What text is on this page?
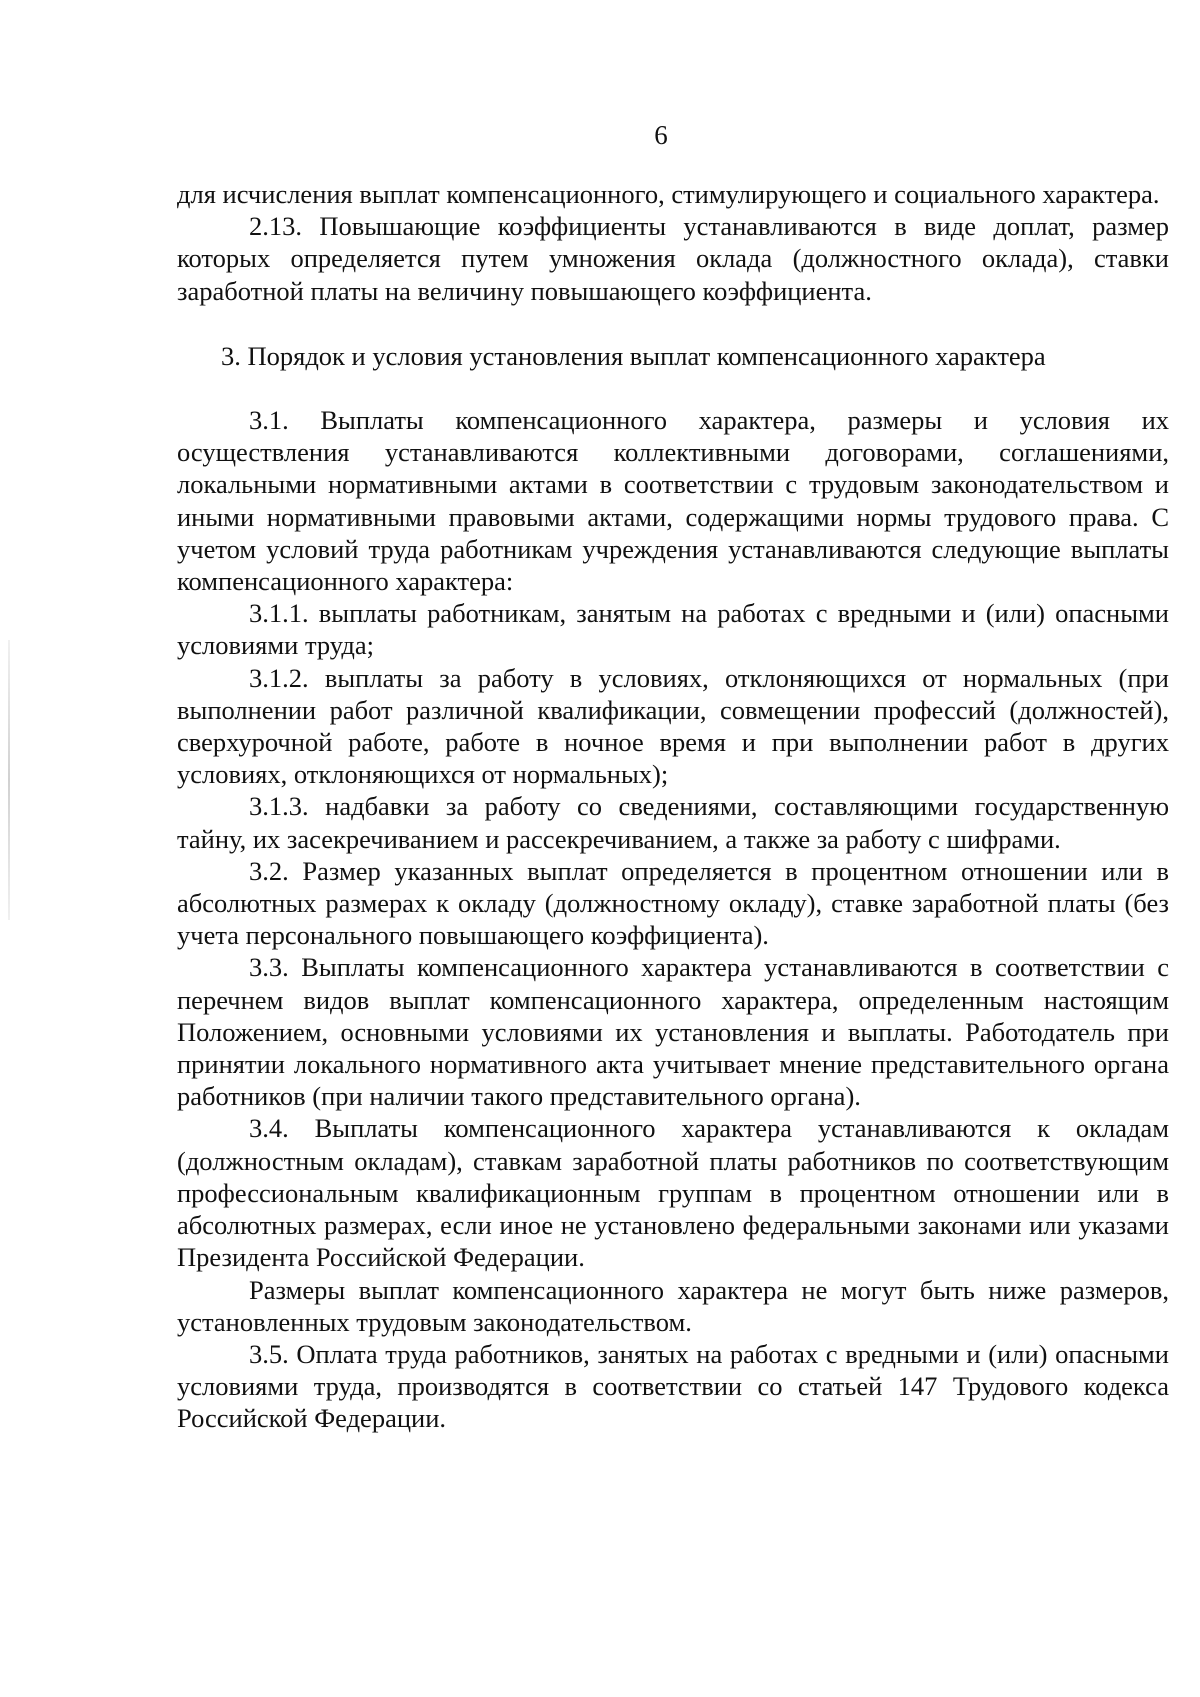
6

для исчисления выплат компенсационного, стимулирующего и социального характера.

2.13. Повышающие коэффициенты устанавливаются в виде доплат, размер которых определяется путем умножения оклада (должностного оклада), ставки заработной платы на величину повышающего коэффициента.

3. Порядок и условия установления выплат компенсационного характера

3.1. Выплаты компенсационного характера, размеры и условия их осуществления устанавливаются коллективными договорами, соглашениями, локальными нормативными актами в соответствии с трудовым законодательством и иными нормативными правовыми актами, содержащими нормы трудового права. С учетом условий труда работникам учреждения устанавливаются следующие выплаты компенсационного характера:

3.1.1. выплаты работникам, занятым на работах с вредными и (или) опасными условиями труда;

3.1.2. выплаты за работу в условиях, отклоняющихся от нормальных (при выполнении работ различной квалификации, совмещении профессий (должностей), сверхурочной работе, работе в ночное время и при выполнении работ в других условиях, отклоняющихся от нормальных);

3.1.3. надбавки за работу со сведениями, составляющими государственную тайну, их засекречиванием и рассекречиванием, а также за работу с шифрами.

3.2. Размер указанных выплат определяется в процентном отношении или в абсолютных размерах к окладу (должностному окладу), ставке заработной платы (без учета персонального повышающего коэффициента).

3.3. Выплаты компенсационного характера устанавливаются в соответствии с перечнем видов выплат компенсационного характера, определенным настоящим Положением, основными условиями их установления и выплаты. Работодатель при принятии локального нормативного акта учитывает мнение представительного органа работников (при наличии такого представительного органа).

3.4. Выплаты компенсационного характера устанавливаются к окладам (должностным окладам), ставкам заработной платы работников по соответствующим профессиональным квалификационным группам в процентном отношении или в абсолютных размерах, если иное не установлено федеральными законами или указами Президента Российской Федерации.

Размеры выплат компенсационного характера не могут быть ниже размеров, установленных трудовым законодательством.

3.5. Оплата труда работников, занятых на работах с вредными и (или) опасными условиями труда, производятся в соответствии со статьей 147 Трудового кодекса Российской Федерации.
